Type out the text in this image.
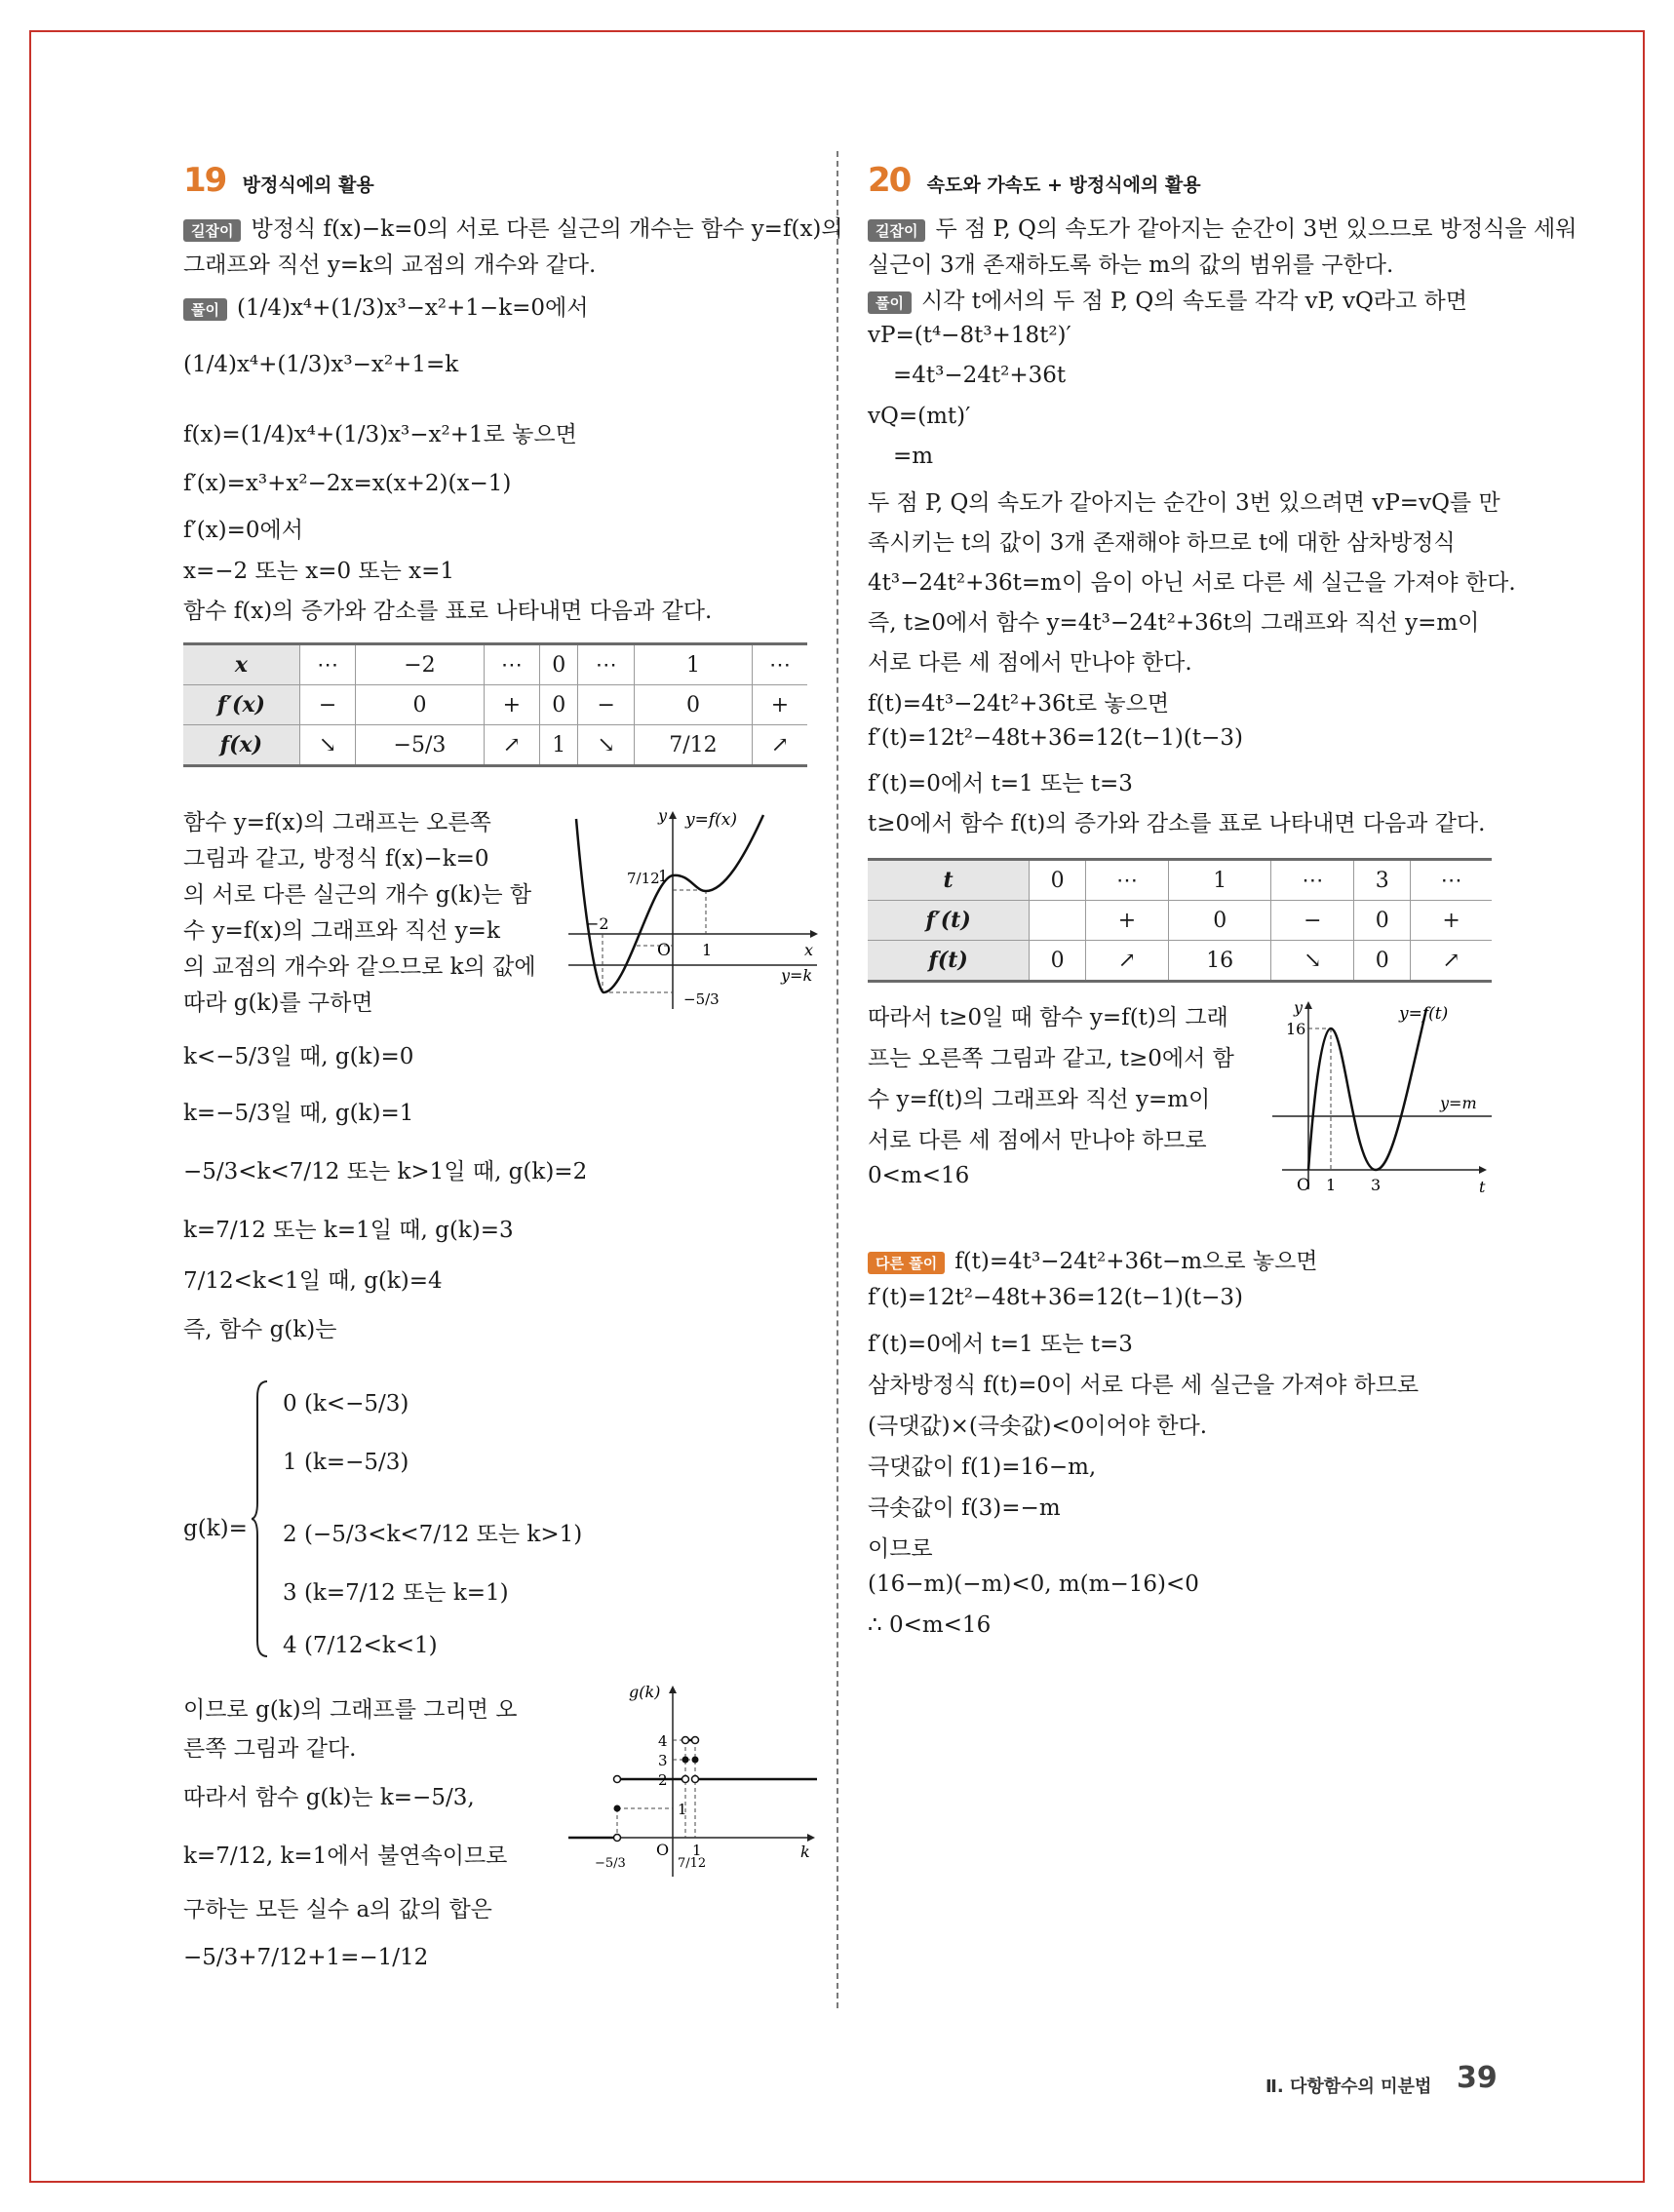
19 방정식에의 활용
길잡이 방정식 f(x)−k=0의 서로 다른 실근의 개수는 함수 y=f(x)의
그래프와 직선 y=k의 교점의 개수와 같다.
풀이 (1/4)x⁴+(1/3)x³−x²+1−k=0에서
(1/4)x⁴+(1/3)x³−x²+1=k
f(x)=(1/4)x⁴+(1/3)x³−x²+1로 놓으면
f′(x)=x³+x²−2x=x(x+2)(x−1)
f′(x)=0에서
x=−2 또는 x=0 또는 x=1
함수 f(x)의 증가와 감소를 표로 나타내면 다음과 같다.
x	⋯	−2	⋯	0	⋯	1	⋯
f′(x)	−	0	+	0	−	0	+
f(x)	↘	−5/3	↗	1	↘	7/12	↗
함수 y=f(x)의 그래프는 오른쪽
그림과 같고, 방정식 f(x)−k=0
의 서로 다른 실근의 개수 g(k)는 함
수 y=f(x)의 그래프와 직선 y=k
의 교점의 개수와 같으므로 k의 값에
따라 g(k)를 구하면
k<−5/3일 때, g(k)=0
k=−5/3일 때, g(k)=1
−5/3<k<7/12 또는 k>1일 때, g(k)=2
k=7/12 또는 k=1일 때, g(k)=3
7/12<k<1일 때, g(k)=4
즉, 함수 g(k)는
g(k)=
0 (k<−5/3)
1 (k=−5/3)
2 (−5/3<k<7/12 또는 k>1)
3 (k=7/12 또는 k=1)
4 (7/12<k<1)
이므로 g(k)의 그래프를 그리면 오
른쪽 그림과 같다.
따라서 함수 g(k)는 k=−5/3,
k=7/12, k=1에서 불연속이므로
구하는 모든 실수 a의 값의 합은
−5/3+7/12+1=−1/12
y=f(x)
y
7/12
1
−2
O 1	x
y=k
−5/3
g(k)
4
3
2
1
O
7/12
1
−5/3
k
20 속도와 가속도 + 방정식에의 활용
길잡이 두 점 P, Q의 속도가 같아지는 순간이 3번 있으므로 방정식을 세워
실근이 3개 존재하도록 하는 m의 값의 범위를 구한다.
풀이 시각 t에서의 두 점 P, Q의 속도를 각각 vP, vQ라고 하면
vP=(t⁴−8t³+18t²)′
=4t³−24t²+36t
vQ=(mt)′
=m
두 점 P, Q의 속도가 같아지는 순간이 3번 있으려면 vP=vQ를 만
족시키는 t의 값이 3개 존재해야 하므로 t에 대한 삼차방정식
4t³−24t²+36t=m이 음이 아닌 서로 다른 세 실근을 가져야 한다.
즉, t≥0에서 함수 y=4t³−24t²+36t의 그래프와 직선 y=m이
서로 다른 세 점에서 만나야 한다.
f(t)=4t³−24t²+36t로 놓으면
f′(t)=12t²−48t+36=12(t−1)(t−3)
f′(t)=0에서 t=1 또는 t=3
t≥0에서 함수 f(t)의 증가와 감소를 표로 나타내면 다음과 같다.
t	0	⋯	1	⋯	3	⋯
f′(t)		+	0	−	0	+
f(t)	0	↗	16	↘	0	↗
따라서 t≥0일 때 함수 y=f(t)의 그래
프는 오른쪽 그림과 같고, t≥0에서 함
수 y=f(t)의 그래프와 직선 y=m이
서로 다른 세 점에서 만나야 하므로
0<m<16
y	y=f(t)
16
y=m
O 1 3	t
다른 풀이 f(t)=4t³−24t²+36t−m으로 놓으면
f′(t)=12t²−48t+36=12(t−1)(t−3)
f′(t)=0에서 t=1 또는 t=3
삼차방정식 f(t)=0이 서로 다른 세 실근을 가져야 하므로
(극댓값)×(극솟값)<0이어야 한다.
극댓값이 f(1)=16−m,
극솟값이 f(3)=−m
이므로
(16−m)(−m)<0, m(m−16)<0
∴ 0<m<16
Ⅱ. 다항함수의 미분법 39
